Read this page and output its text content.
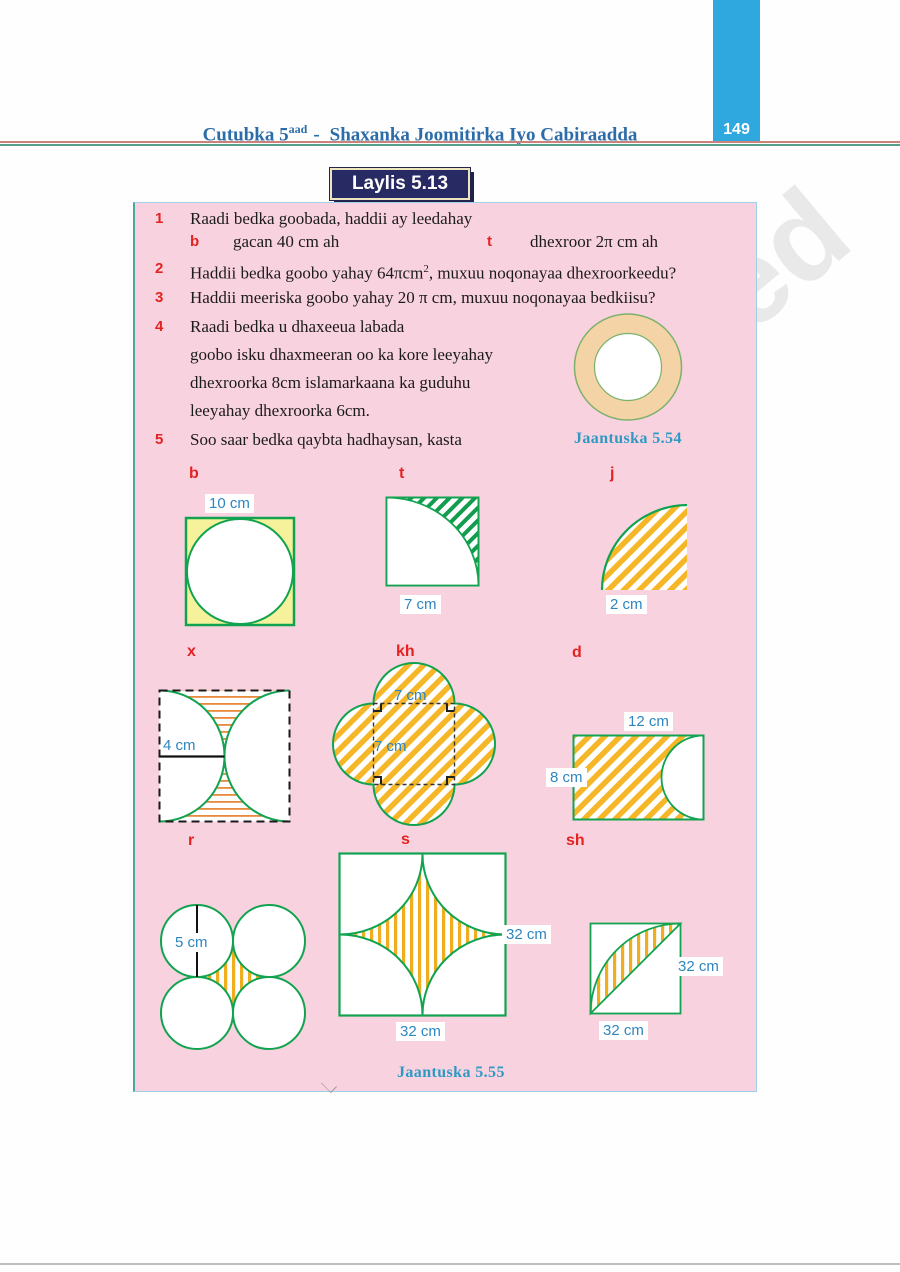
149
Cutubka $5^{aad}$ - Shaxanka Joomitirka Iyo Cabiraadda
ed
Laylis 5.13
1 Raadi bedka goobada, haddii ay leedahay
b gacan 40 cm ah	t dhexroor 2π cm ah
2 Haddii bedka goobo yahay 64πcm$^2$, muxuu noqonayaa dhexroorkeedu?
3 Haddii meeriska goobo yahay 20 π cm, muxuu noqonayaa bedkiisu?
4 Raadi bedka u dhaxeeua labada
goobo isku dhaxmeeran oo ka kore leeyahay
dhexroorka 8cm islamarkaana ka guduhu
leeyahay dhexroorka 6cm.
5 Soo saar bedka qaybta hadhaysan, kasta	Jaantuska 5.54
b	t	j
10 cm
7 cm	2 cm
x	kh	d
4 cm
7 cm
7 cm
12 cm
8 cm
r	s	sh
5 cm	32 cm
32 cm
32 cm
32 cm
Jaantuska 5.55
